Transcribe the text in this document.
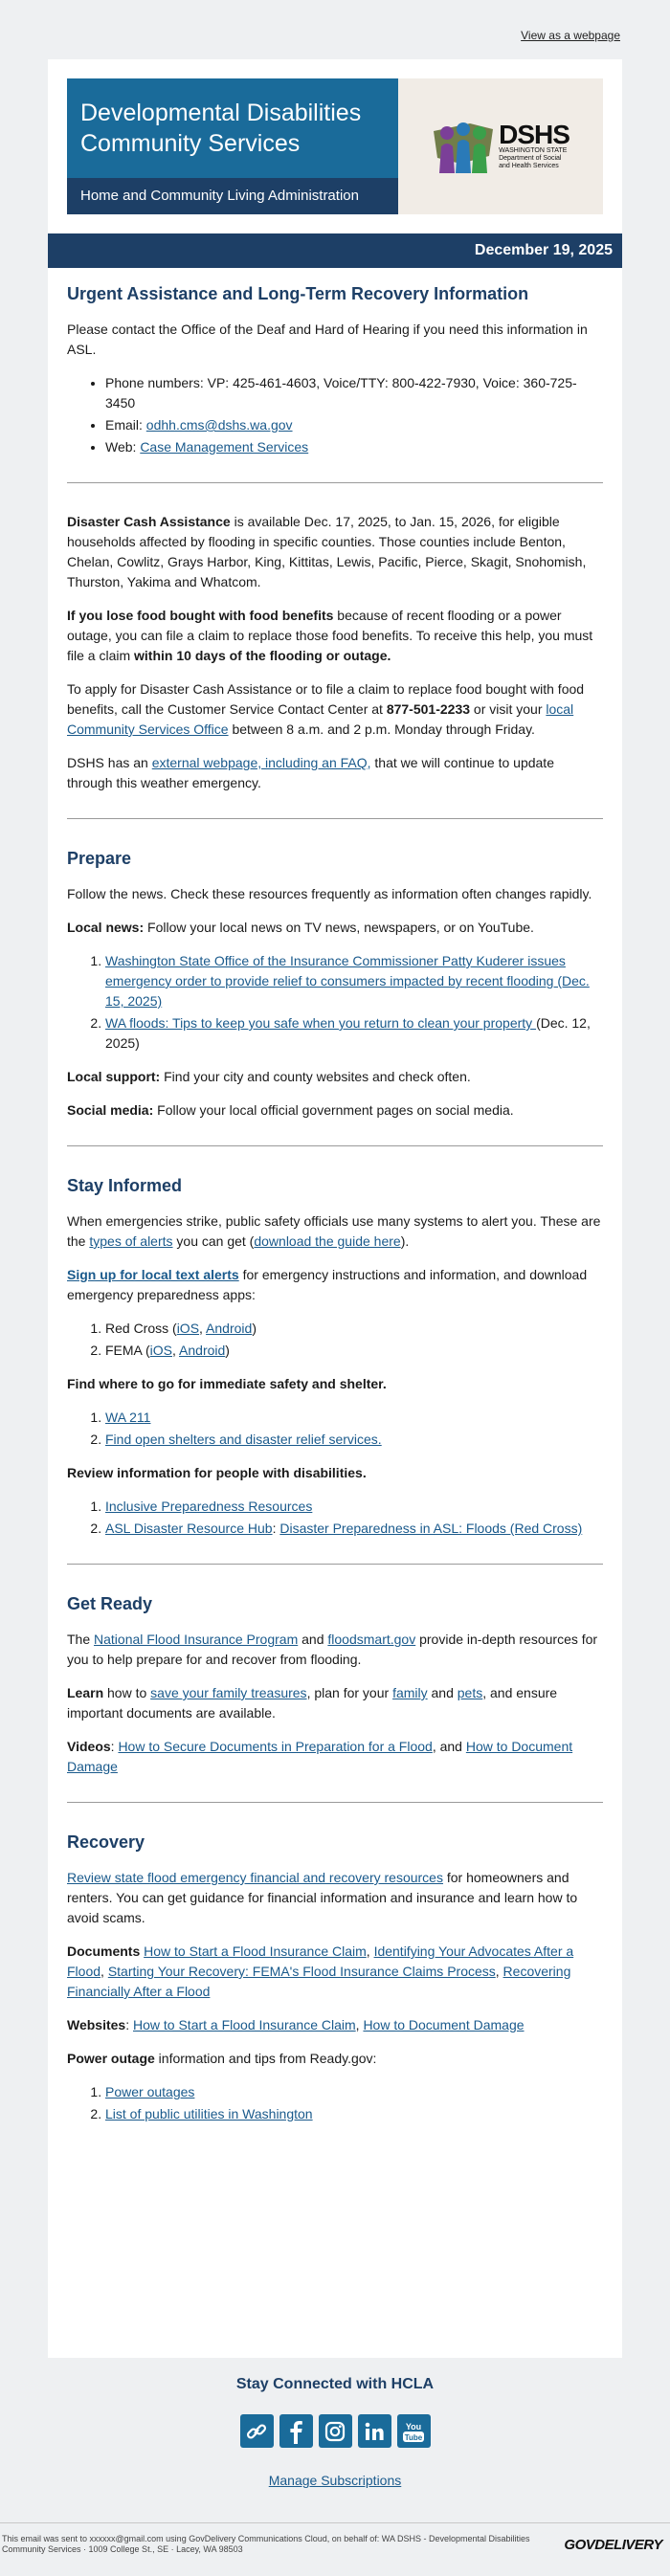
View as a webpage
Developmental Disabilities
Community Services
Home and Community Living Administration
DSHS
WASHINGTON STATE
Department of Social
and Health Services
December 19, 2025
Urgent Assistance and Long-Term Recovery Information

Please contact the Office of the Deaf and Hard of Hearing if you need this information in ASL.

• Phone numbers: VP: 425-461-4603, Voice/TTY: 800-422-7930, Voice: 360-725-3450
• Email: odhh.cms@dshs.wa.gov
• Web: Case Management Services

Disaster Cash Assistance is available Dec. 17, 2025, to Jan. 15, 2026, for eligible households affected by flooding in specific counties. Those counties include Benton, Chelan, Cowlitz, Grays Harbor, King, Kittitas, Lewis, Pacific, Pierce, Skagit, Snohomish, Thurston, Yakima and Whatcom.

If you lose food bought with food benefits because of recent flooding or a power outage, you can file a claim to replace those food benefits. To receive this help, you must file a claim within 10 days of the flooding or outage.

To apply for Disaster Cash Assistance or to file a claim to replace food bought with food benefits, call the Customer Service Contact Center at 877-501-2233 or visit your local Community Services Office between 8 a.m. and 2 p.m. Monday through Friday.

DSHS has an external webpage, including an FAQ, that we will continue to update through this weather emergency.

Prepare

Follow the news. Check these resources frequently as information often changes rapidly.

Local news: Follow your local news on TV news, newspapers, or on YouTube.

1. Washington State Office of the Insurance Commissioner Patty Kuderer issues emergency order to provide relief to consumers impacted by recent flooding (Dec. 15, 2025)
2. WA floods: Tips to keep you safe when you return to clean your property (Dec. 12, 2025)

Local support: Find your city and county websites and check often.

Social media: Follow your local official government pages on social media.

Stay Informed

When emergencies strike, public safety officials use many systems to alert you. These are the types of alerts you can get (download the guide here).

Sign up for local text alerts for emergency instructions and information, and download emergency preparedness apps:

1. Red Cross (iOS, Android)
2. FEMA (iOS, Android)

Find where to go for immediate safety and shelter.

1. WA 211
2. Find open shelters and disaster relief services.

Review information for people with disabilities.

1. Inclusive Preparedness Resources
2. ASL Disaster Resource Hub: Disaster Preparedness in ASL: Floods (Red Cross)
Get Ready

The National Flood Insurance Program and floodsmart.gov provide in-depth resources for you to help prepare for and recover from flooding.

Learn how to save your family treasures, plan for your family and pets, and ensure important documents are available.

Videos: How to Secure Documents in Preparation for a Flood, and How to Document Damage

Recovery

Review state flood emergency financial and recovery resources for homeowners and renters. You can get guidance for financial information and insurance and learn how to avoid scams.

Documents How to Start a Flood Insurance Claim, Identifying Your Advocates After a Flood, Starting Your Recovery: FEMA's Flood Insurance Claims Process, Recovering Financially After a Flood

Websites: How to Start a Flood Insurance Claim, How to Document Damage

Power outage information and tips from Ready.gov:

1. Power outages
2. List of public utilities in Washington
Stay Connected with HCLA
You
Tube
Manage Subscriptions
This email was sent to xxxxxx@gmail.com using GovDelivery Communications Cloud, on behalf of: WA DSHS - Developmental Disabilities Community Services · 1009 College St., SE · Lacey, WA 98503	GOVDELIVERY
